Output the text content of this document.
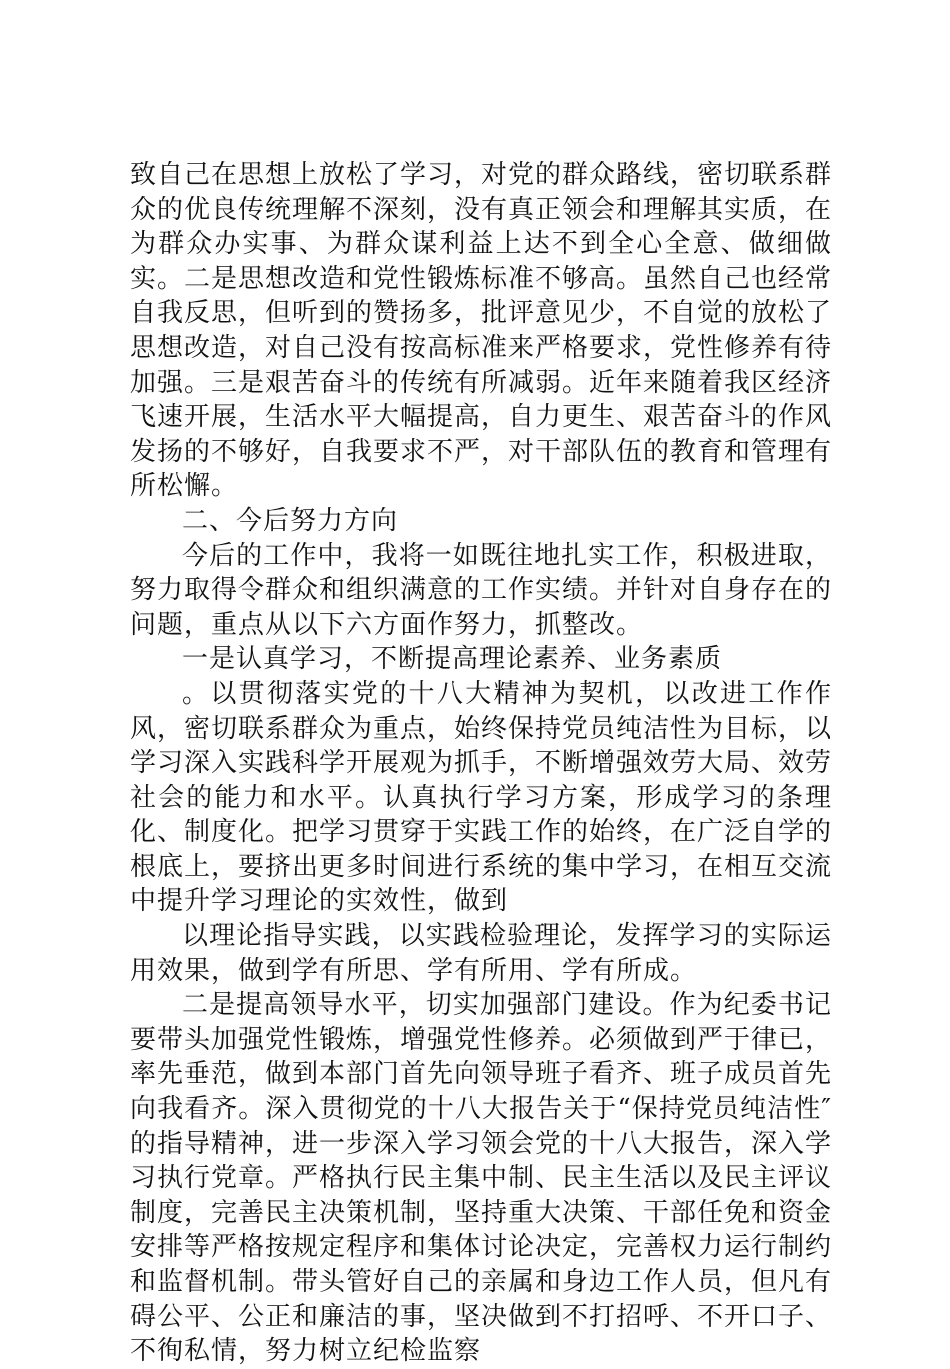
致自己在思想上放松了学习，对党的群众路线，密切联系群众的优良传统理解不深刻，没有真正领会和理解其实质，在为群众办实事、为群众谋利益上达不到全心全意、做细做实。二是思想改造和党性锻炼标准不够高。虽然自己也经常自我反思，但听到的赞扬多，批评意见少，不自觉的放松了思想改造，对自己没有按高标准来严格要求，党性修养有待加强。三是艰苦奋斗的传统有所减弱。近年来随着我区经济飞速开展，生活水平大幅提高，自力更生、艰苦奋斗的作风发扬的不够好，自我要求不严，对干部队伍的教育和管理有所松懈。

二、今后努力方向

今后的工作中，我将一如既往地扎实工作，积极进取，努力取得令群众和组织满意的工作实绩。并针对自身存在的问题，重点从以下六方面作努力，抓整改。

一是认真学习，不断提高理论素养、业务素质

。以贯彻落实党的十八大精神为契机，以改进工作作风，密切联系群众为重点，始终保持党员纯洁性为目标，以学习深入实践科学开展观为抓手，不断增强效劳大局、效劳社会的能力和水平。认真执行学习方案，形成学习的条理化、制度化。把学习贯穿于实践工作的始终，在广泛自学的根底上，要挤出更多时间进行系统的集中学习，在相互交流中提升学习理论的实效性，做到

以理论指导实践，以实践检验理论，发挥学习的实际运用效果，做到学有所思、学有所用、学有所成。

二是提高领导水平，切实加强部门建设。作为纪委书记要带头加强党性锻炼，增强党性修养。必须做到严于律已，率先垂范，做到本部门首先向领导班子看齐、班子成员首先向我看齐。深入贯彻党的十八大报告关于“保持党员纯洁性″的指导精神，进一步深入学习领会党的十八大报告，深入学习执行党章。严格执行民主集中制、民主生活以及民主评议制度，完善民主决策机制，坚持重大决策、干部任免和资金安排等严格按规定程序和集体讨论决定，完善权力运行制约和监督机制。带头管好自己的亲属和身边工作人员，但凡有碍公平、公正和廉洁的事，坚决做到不打招呼、不开口子、不徇私情，努力树立纪检监察
